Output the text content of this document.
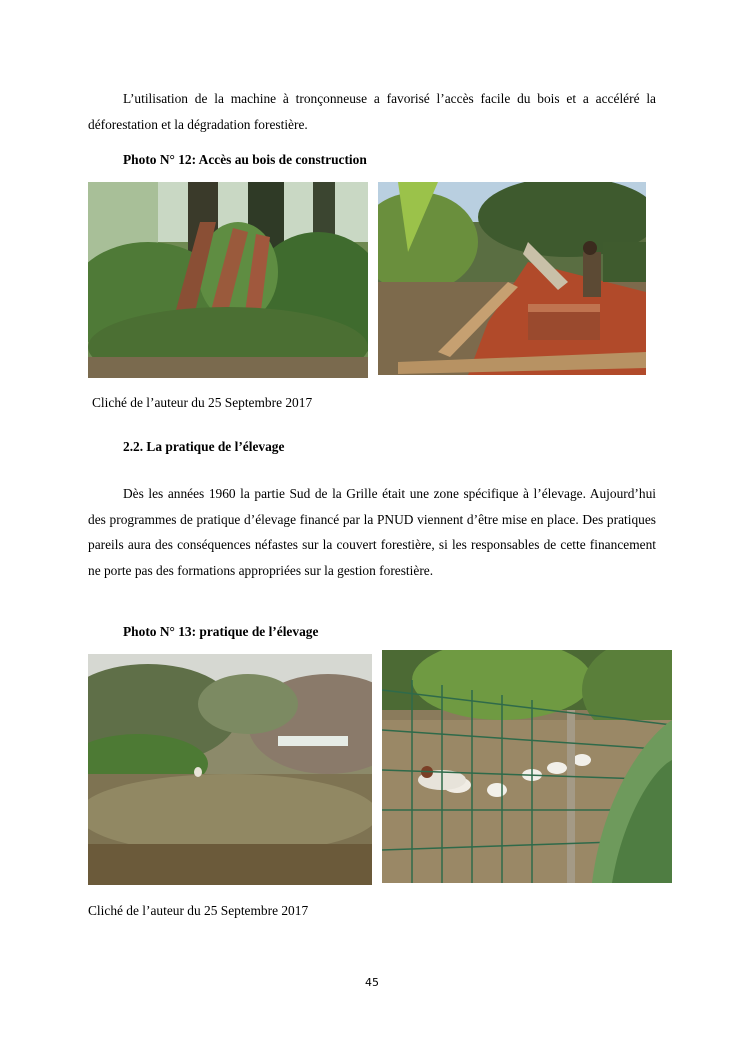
L’utilisation de la machine à tronçonneuse a favorisé l’accès facile du bois et a accéléré la déforestation et la dégradation forestière.

Photo N° 12: Accès au bois de construction

Cliché de l’auteur du 25 Septembre 2017

2.2. La pratique de l’élevage

Dès les années 1960 la partie Sud de la Grille était une zone spécifique à l’élevage. Aujourd’hui des programmes de pratique d’élevage financé par la PNUD viennent d’être mise en place. Des pratiques pareils aura des conséquences néfastes sur la couvert forestière, si les responsables de cette financement ne porte pas des formations appropriées sur la gestion forestière.

Photo N° 13: pratique de l’élevage

Cliché de l’auteur du 25 Septembre 2017

45
